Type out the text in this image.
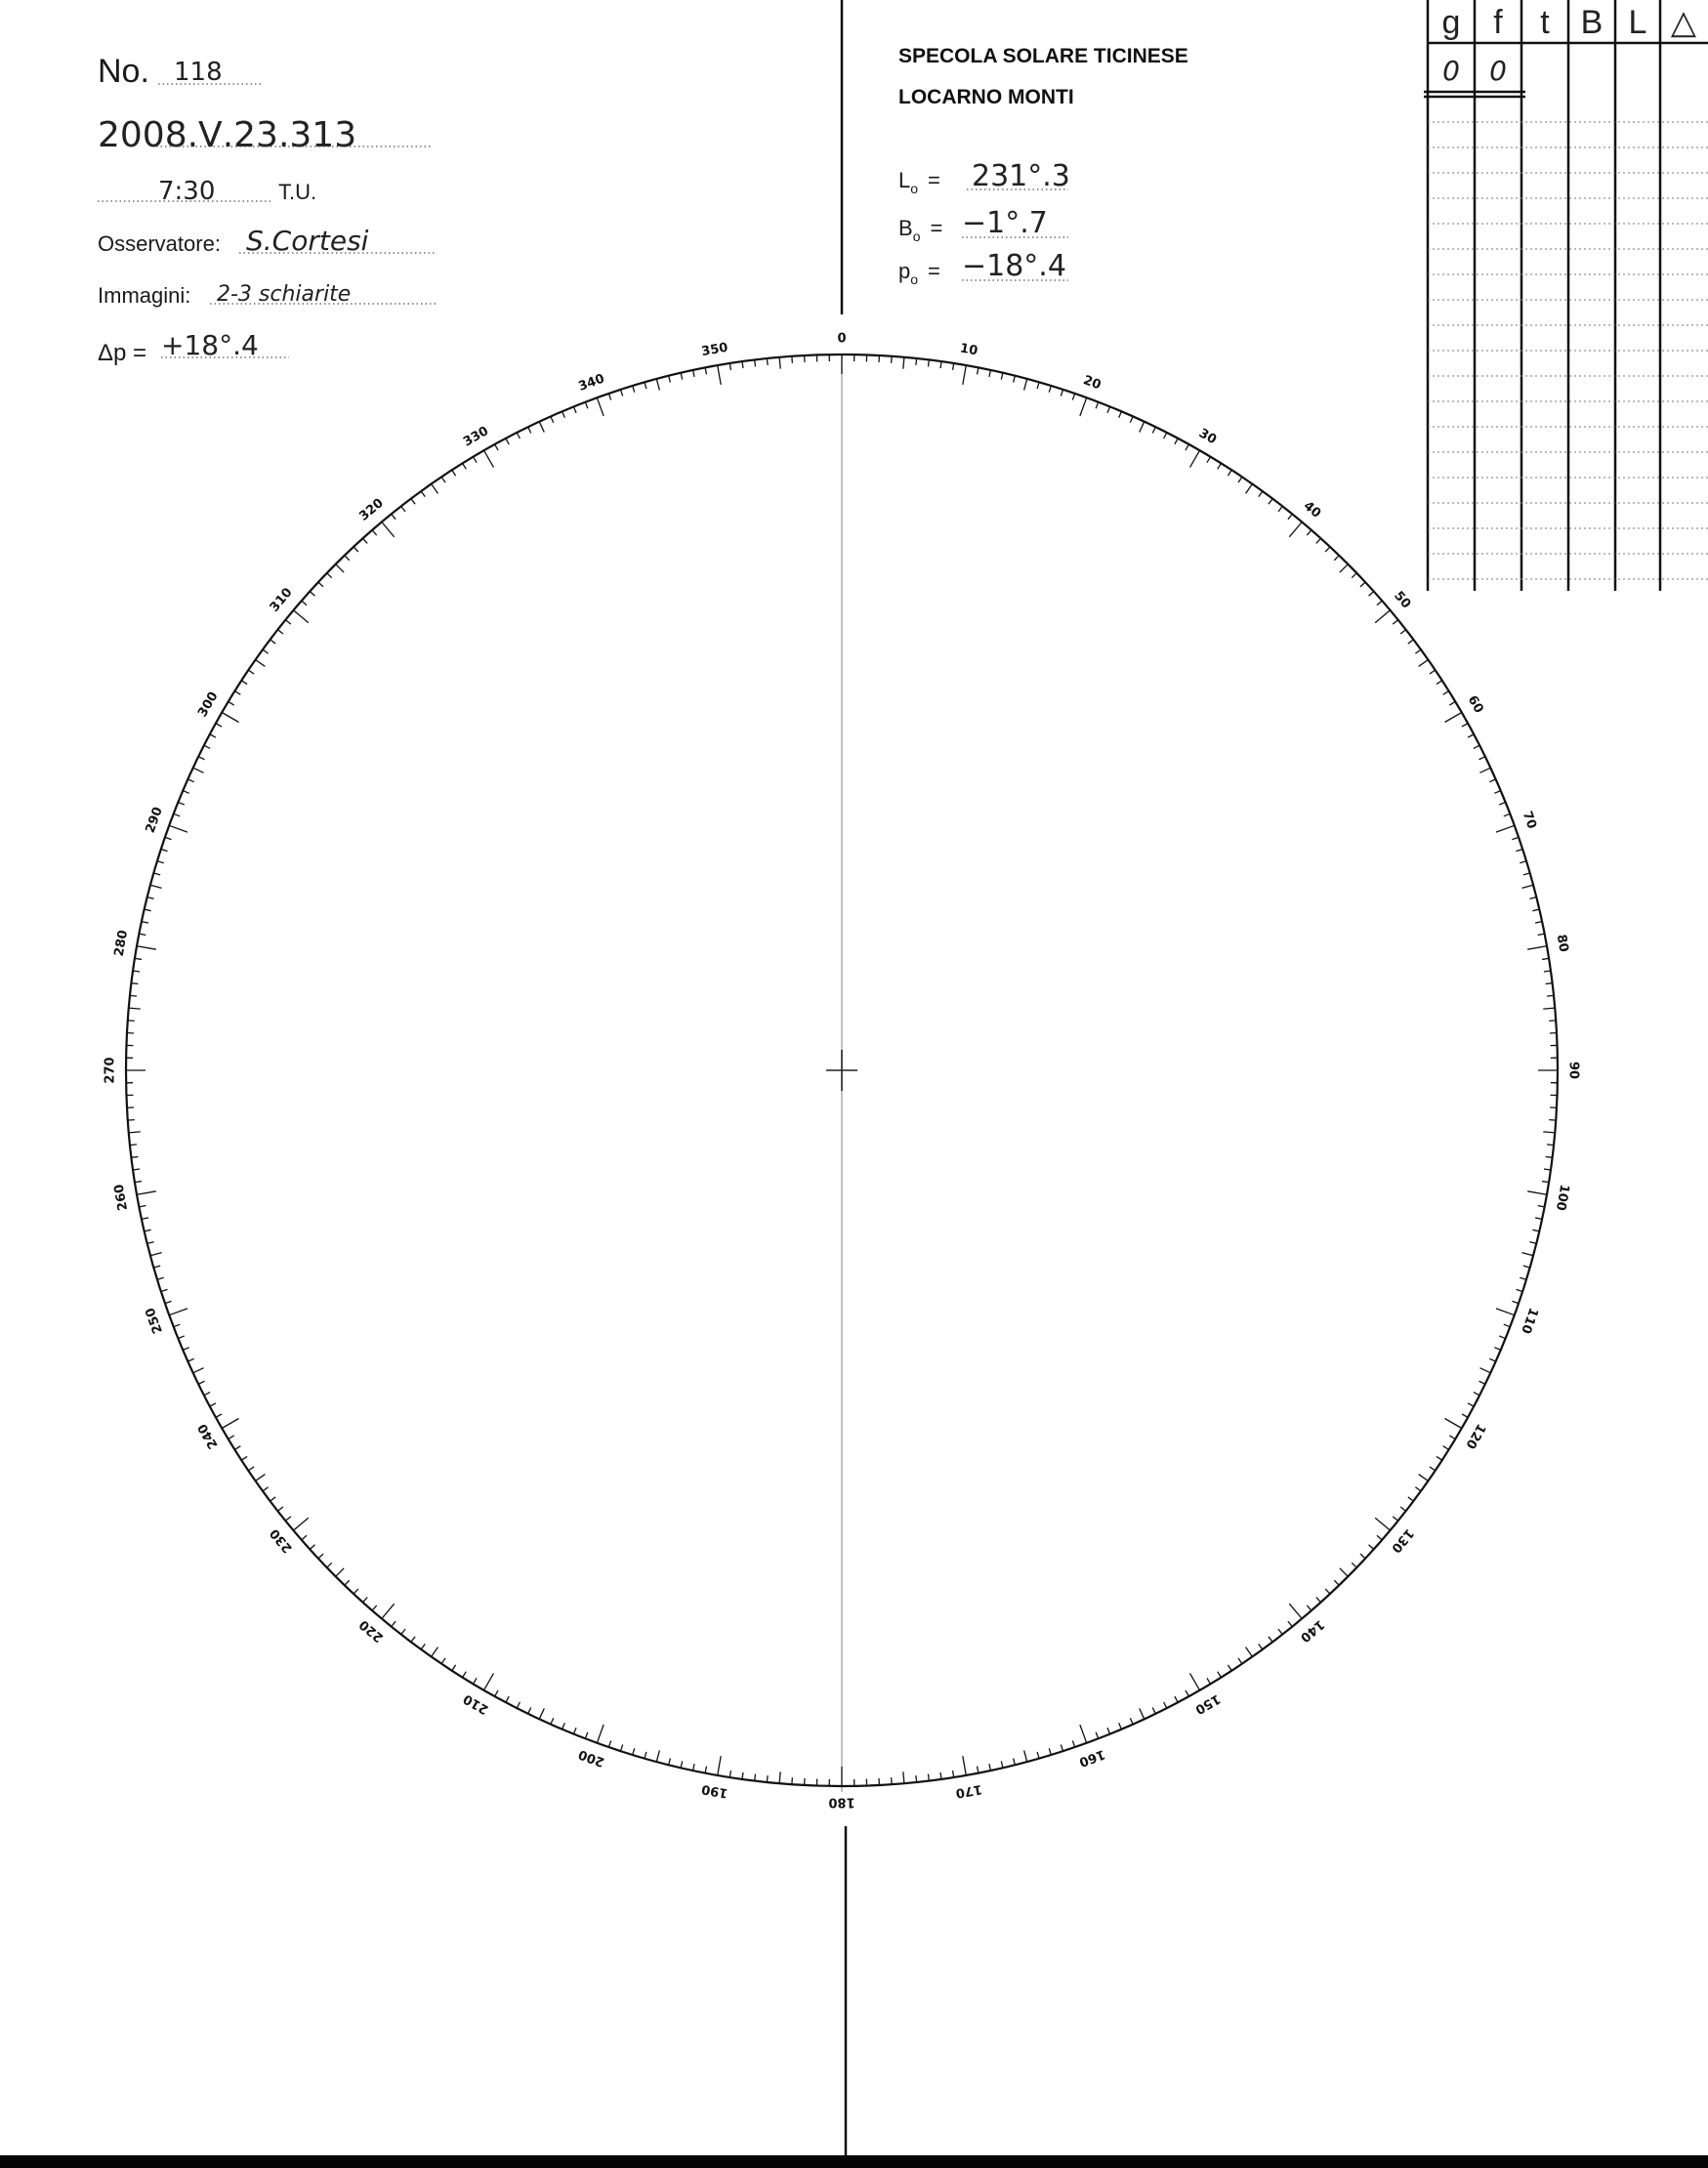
No. 118
2008.Ⅴ.23.313
7:30	T.U.
Osservatore: S.Cortesi
Immagini: 2-3 schiarite
Δp = +18°.4
SPECOLA SOLARE TICINESE
LOCARNO MONTI
$L_o = 231^\circ.3$
$B_o = -1^\circ.7$
$p_o = -18^\circ.4$
g f t B L △
0 0
0
10
20
30
40
50
60
70
80
90
100
110
120
130
140
150
160
170
180
190
200
210
220
230
240
250
260
270
280
290
300
310
320
330
340
350
